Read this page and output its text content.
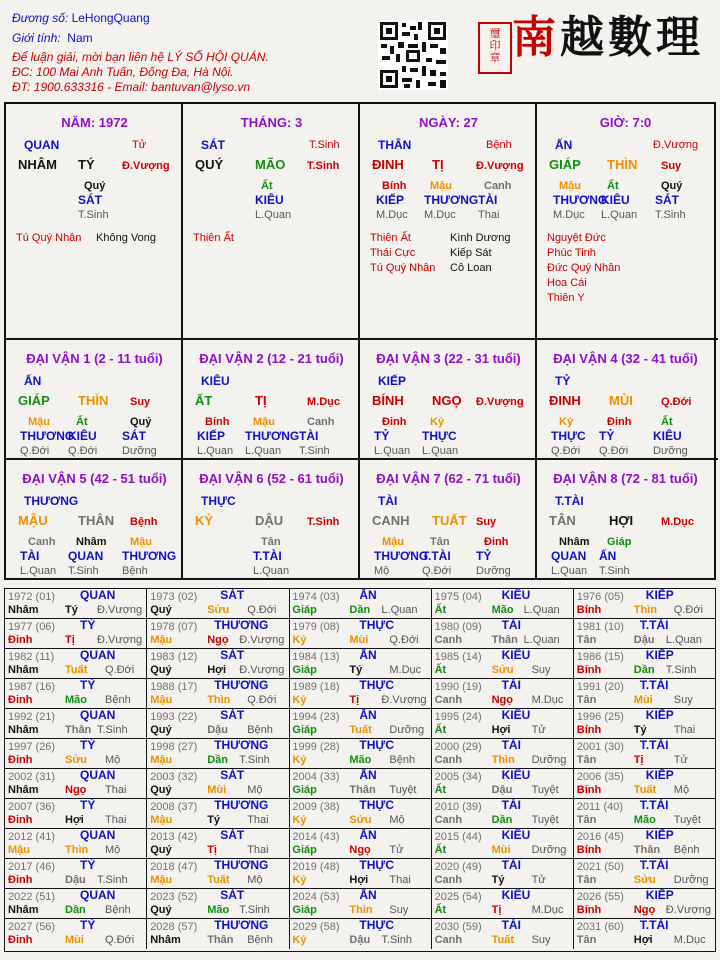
Đương số: LeHongQuang
Giới tính: Nam
Để luận giải, mời bạn liên hệ LÝ SỐ HỘI QUÁN.
ĐC: 100 Mai Anh Tuấn, Đống Đa, Hà Nội.
ĐT: 1900.633316 - Email: bantuvan@lyso.vn
璽
印
章 南越數理
NĂM: 1972
QUAN	Tử
NHÂM TÝ Đ.Vượng
Quý
SÁT
T.Sinh
Tú Quý Nhân Không Vong
THÁNG: 3
SÁT	T.Sinh
QUÝ MÃO T.Sinh
Ất
KIÊU
L.Quan
Thiên Ất
NGÀY: 27
THÂN	Bệnh
ĐINH TỊ	Đ.Vượng
Bính
KIẾP
M.Dục
Mậu
THƯƠNG
M.Dục
Canh
TÀI
Thai
Thiên Ất
Thái Cực
Tú Quý Nhân
Kình Dương
Kiếp Sát
Cô Loan
GIỜ: 7:0
ẤN	Đ.Vượng
GIÁP THÌN Suy
Mậu
THƯƠNG
M.Dục
Ất
KIÊU
L.Quan
Quý
SÁT
T.Sinh
Nguyệt Đức
Phúc Tinh
Đức Quý Nhân
Hoa Cái
Thiên Y
ĐẠI VẬN 1 (2 - 11 tuổi)
ẤN
GIÁP THÌN Suy
Mậu
THƯƠNG
Q.Đới
Ất
KIÊU
Q.Đới
Quý
SÁT
Dưỡng
ĐẠI VẬN 2 (12 - 21 tuổi)
KIÊU
ẤT	TỊ	M.Dục
Bính
KIẾP
L.Quan
Mậu
THƯƠNG
L.Quan
Canh
TÀI
T.Sinh
ĐẠI VẬN 3 (22 - 31 tuổi)
KIẾP
BÍNH NGỌ Đ.Vượng
Đinh
TỶ
L.Quan
Kỷ
THỰC
L.Quan
ĐẠI VẬN 4 (32 - 41 tuổi)
TỶ
ĐINH MÙI	Q.Đới
Kỷ
THỰC
Q.Đới
Đinh
TỶ
Q.Đới
Ất
KIÊU
Dưỡng
ĐẠI VẬN 5 (42 - 51 tuổi)
THƯƠNG
MẬU THÂN Bệnh
Canh
TÀI
L.Quan
Nhâm
QUAN
T.Sinh
Mậu
THƯƠNG
Bệnh
ĐẠI VẬN 6 (52 - 61 tuổi)
THỰC
KỶ	DẬU T.Sinh
Tân
T.TÀI
L.Quan
ĐẠI VẬN 7 (62 - 71 tuổi)
TÀI
CANH TUẤT Suy
Mậu
THƯƠNG
Mộ
Tân
T.TÀI
Q.Đới
Đinh
TỶ
Dưỡng
ĐẠI VẬN 8 (72 - 81 tuổi)
T.TÀI
TÂN	HỢI	M.Dục
Nhâm
QUAN
L.Quan
Giáp
ẤN
T.Sinh
1972 (01) QUAN
Nhâm Tý Đ.Vượng
1973 (02) SÁT
Quý	Sửu Q.Đới
1974 (03) ẤN
Giáp	Dần L.Quan
1975 (04) KIÊU
Ất	Mão L.Quan
1976 (05) KIẾP
Bính	Thìn Q.Đới
1977 (06) TỶ
Đinh	Tị Đ.Vượng
1978 (07) THƯƠNG
Mậu	Ngọ Đ.Vượng
1979 (08) THỰC
Kỷ	Mùi Q.Đới
1980 (09) TÀI
Canh	Thân L.Quan
1981 (10) T.TÀI
Tân	Dậu L.Quan
1982 (11) QUAN
Nhâm Tuất Q.Đới
1983 (12) SÁT
Quý	Hợi Đ.Vượng
1984 (13) ẤN
Giáp	Tý M.Dục
1985 (14) KIÊU
Ất	Sửu Suy
1986 (15) KIẾP
Bính	Dần T.Sinh
1987 (16) TỶ
Đinh	Mão Bệnh
1988 (17) THƯƠNG
Mậu	Thìn Q.Đới
1989 (18) THỰC
Kỷ	Tị Đ.Vượng
1990 (19) TÀI
Canh	Ngọ M.Dục
1991 (20) T.TÀI
Tân	Mùi Suy
1992 (21) QUAN
Nhâm Thân T.Sinh
1993 (22) SÁT
Quý	Dậu Bệnh
1994 (23) ẤN
Giáp	Tuất Dưỡng
1995 (24) KIÊU
Ất	Hợi Tử
1996 (25) KIẾP
Bính	Tý Thai
1997 (26) TỶ
Đinh	Sửu Mộ
1998 (27) THƯƠNG
Mậu	Dần T.Sinh
1999 (28) THỰC
Kỷ	Mão Bệnh
2000 (29) TÀI
Canh	Thìn Dưỡng
2001 (30) T.TÀI
Tân	Tị	Tử
2002 (31) QUAN
Nhâm Ngọ Thai
2003 (32) SÁT
Quý	Mùi Mộ
2004 (33) ẤN
Giáp	Thân Tuyệt
2005 (34) KIÊU
Ất	Dậu Tuyệt
2006 (35) KIẾP
Bính	Tuất Mộ
2007 (36) TỶ
Đinh	Hợi Thai
2008 (37) THƯƠNG
Mậu	Tý Thai
2009 (38) THỰC
Kỷ	Sửu Mộ
2010 (39) TÀI
Canh	Dần Tuyệt
2011 (40) T.TÀI
Tân	Mão Tuyệt
2012 (41) QUAN
Mậu	Thìn Mộ
2013 (42) SÁT
Quý	Tị	Thai
2014 (43) ẤN
Giáp	Ngọ Tử
2015 (44) KIÊU
Ất	Mùi Dưỡng
2016 (45) KIẾP
Bính	Thân Bệnh
2017 (46) TỶ
Đinh	Dậu T.Sinh
2018 (47) THƯƠNG
Mậu	Tuất Mộ
2019 (48) THỰC
Kỷ	Hợi Thai
2020 (49) TÀI
Canh	Tý Tử
2021 (50) T.TÀI
Tân	Sửu Dưỡng
2022 (51) QUAN
Nhâm Dần Bệnh
2023 (52) SÁT
Quý	Mão T.Sinh
2024 (53) ẤN
Giáp	Thìn Suy
2025 (54) KIÊU
Ất	Tị	M.Dục
2026 (55) KIẾP
Bính	Ngọ Đ.Vượng
2027 (56) TỶ
Đinh	Mùi Q.Đới
2028 (57) THƯƠNG
Nhâm Thân Bệnh
2029 (58) THỰC
Kỷ	Dậu T.Sinh
2030 (59) TÀI
Canh	Tuất Suy
2031 (60) T.TÀI
Tân	Hợi M.Dục
